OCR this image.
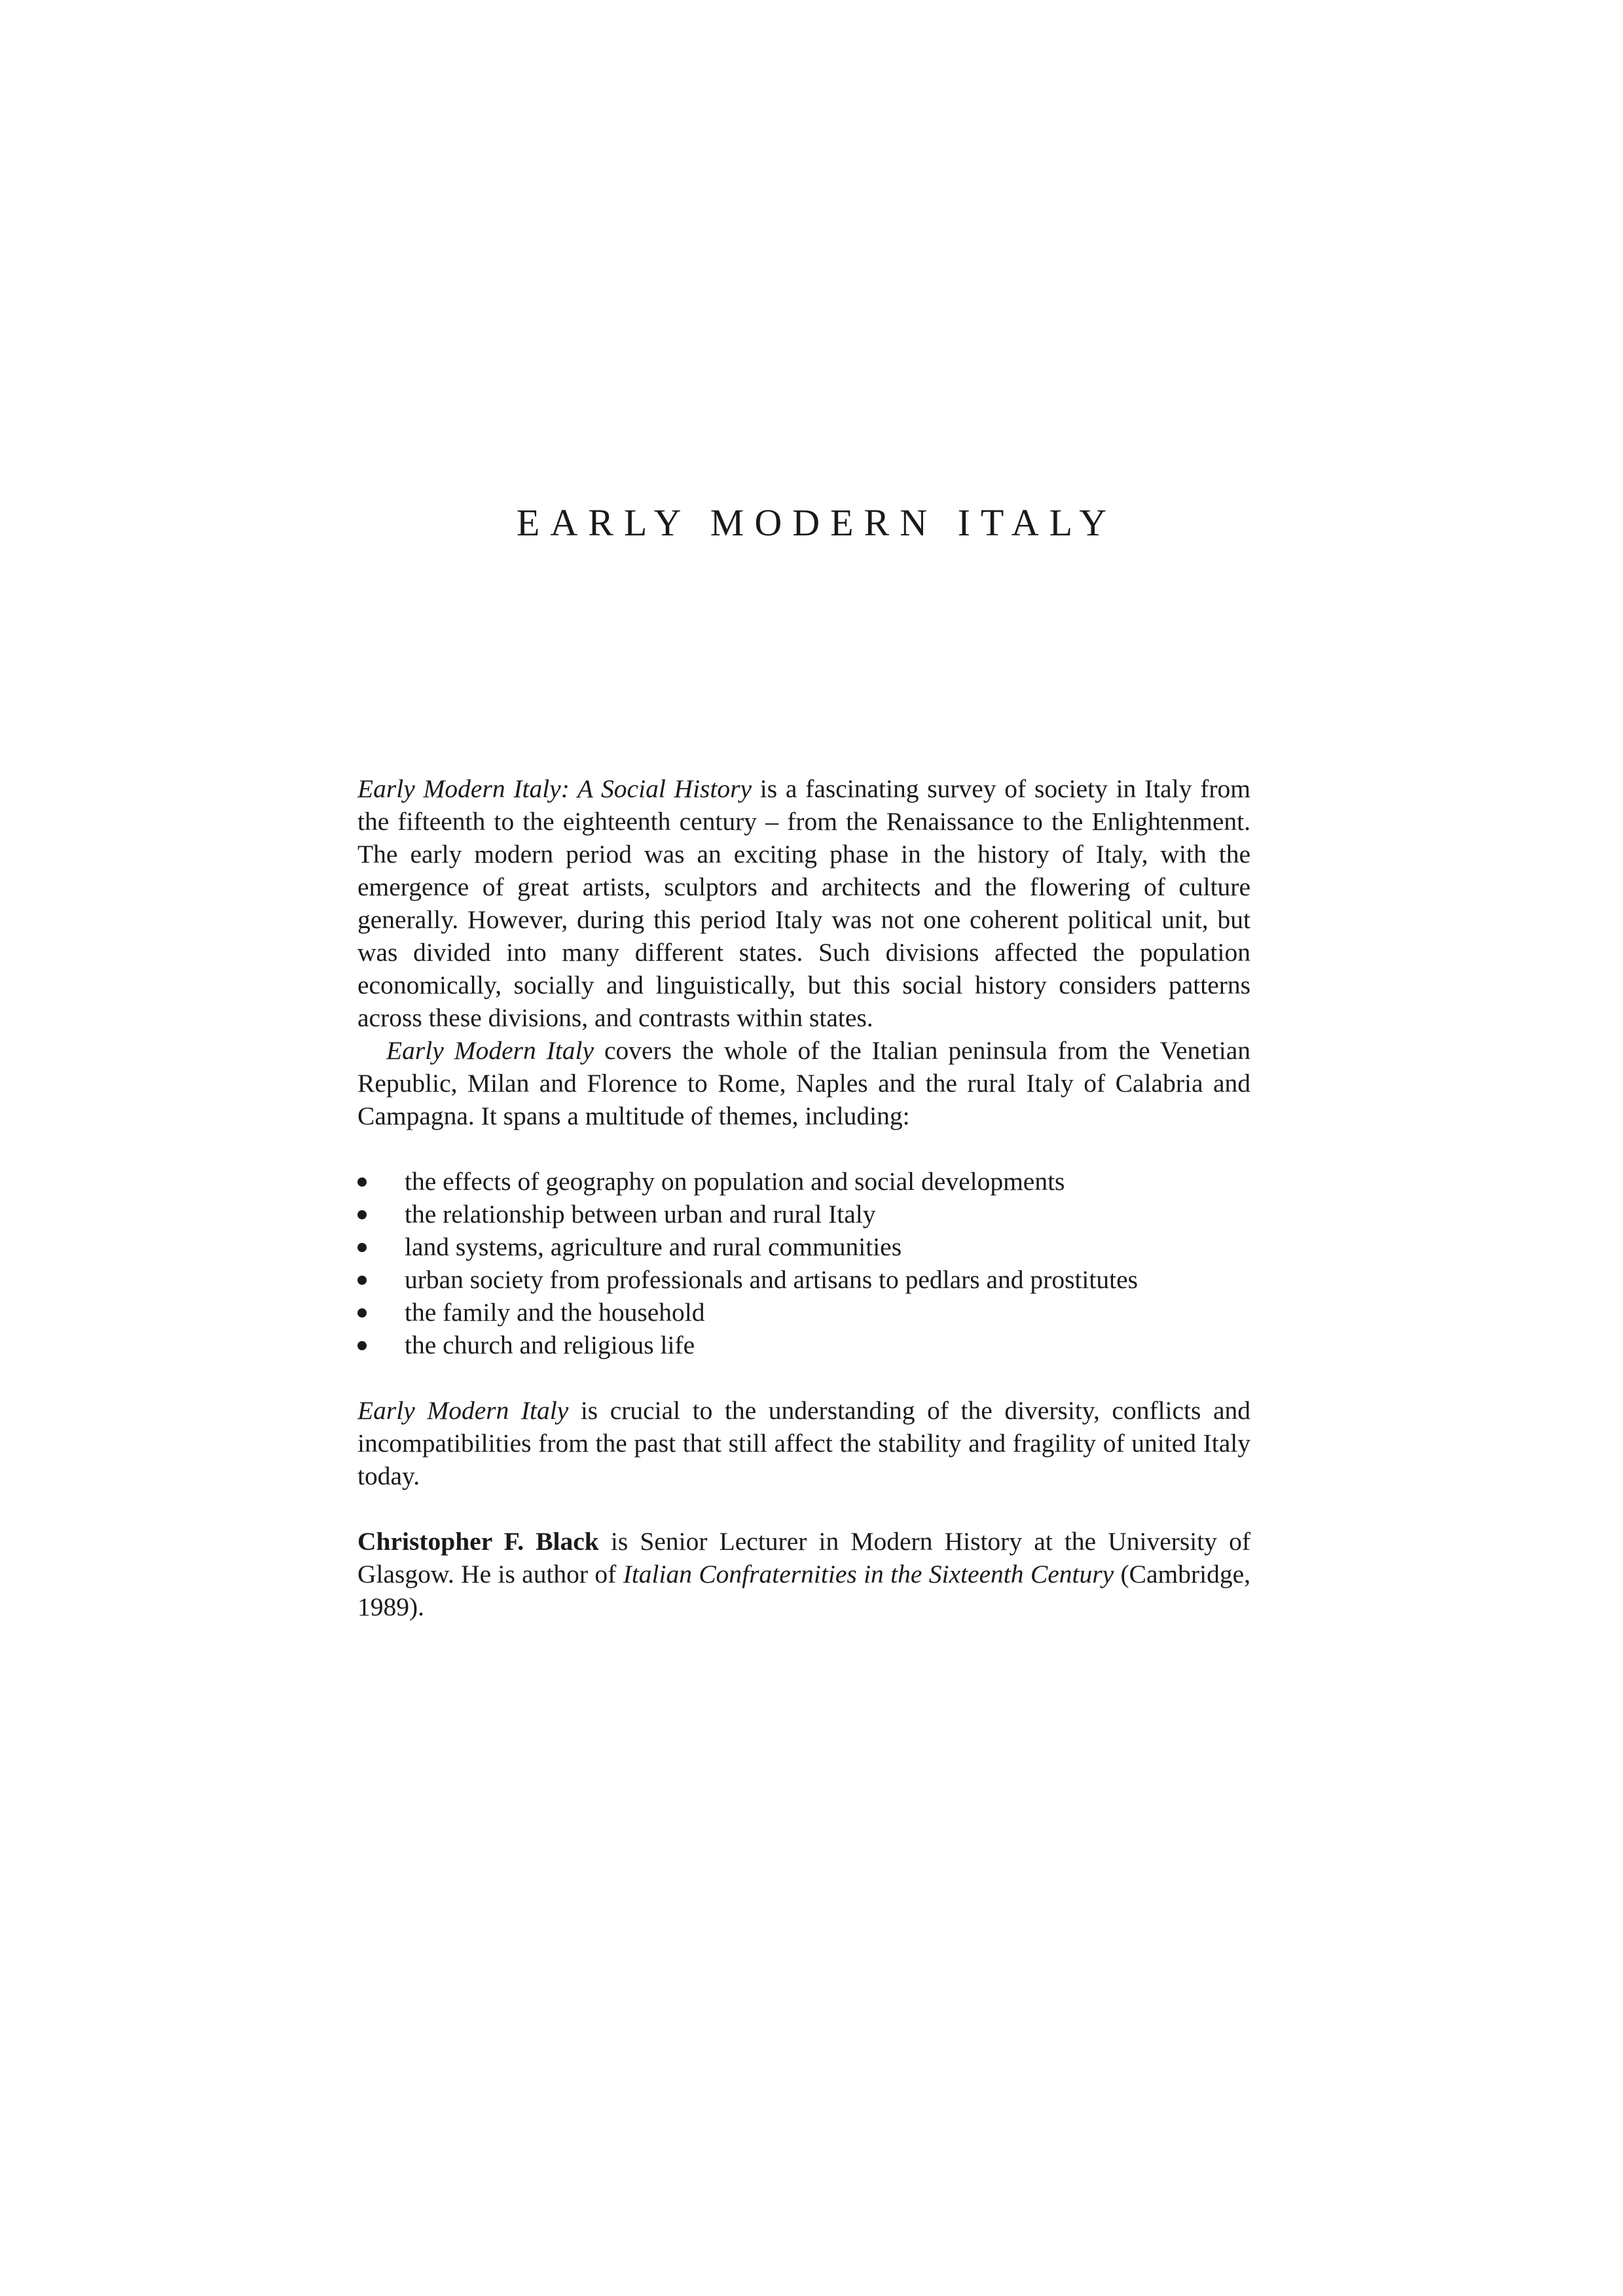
EARLY MODERN ITALY

Early Modern Italy: A Social History is a fascinating survey of society in Italy from the fifteenth to the eighteenth century – from the Renaissance to the Enlightenment. The early modern period was an exciting phase in the history of Italy, with the emergence of great artists, sculptors and architects and the flowering of culture generally. However, during this period Italy was not one coherent political unit, but was divided into many different states. Such divisions affected the population economically, socially and linguistically, but this social history considers patterns across these divisions, and contrasts within states.

Early Modern Italy covers the whole of the Italian peninsula from the Venetian Republic, Milan and Florence to Rome, Naples and the rural Italy of Calabria and Campagna. It spans a multitude of themes, including:

the effects of geography on population and social developments
the relationship between urban and rural Italy
land systems, agriculture and rural communities
urban society from professionals and artisans to pedlars and prostitutes
the family and the household
the church and religious life

Early Modern Italy is crucial to the understanding of the diversity, conflicts and incompatibilities from the past that still affect the stability and fragility of united Italy today.

Christopher F. Black is Senior Lecturer in Modern History at the University of Glasgow. He is author of Italian Confraternities in the Sixteenth Century (Cambridge, 1989).
